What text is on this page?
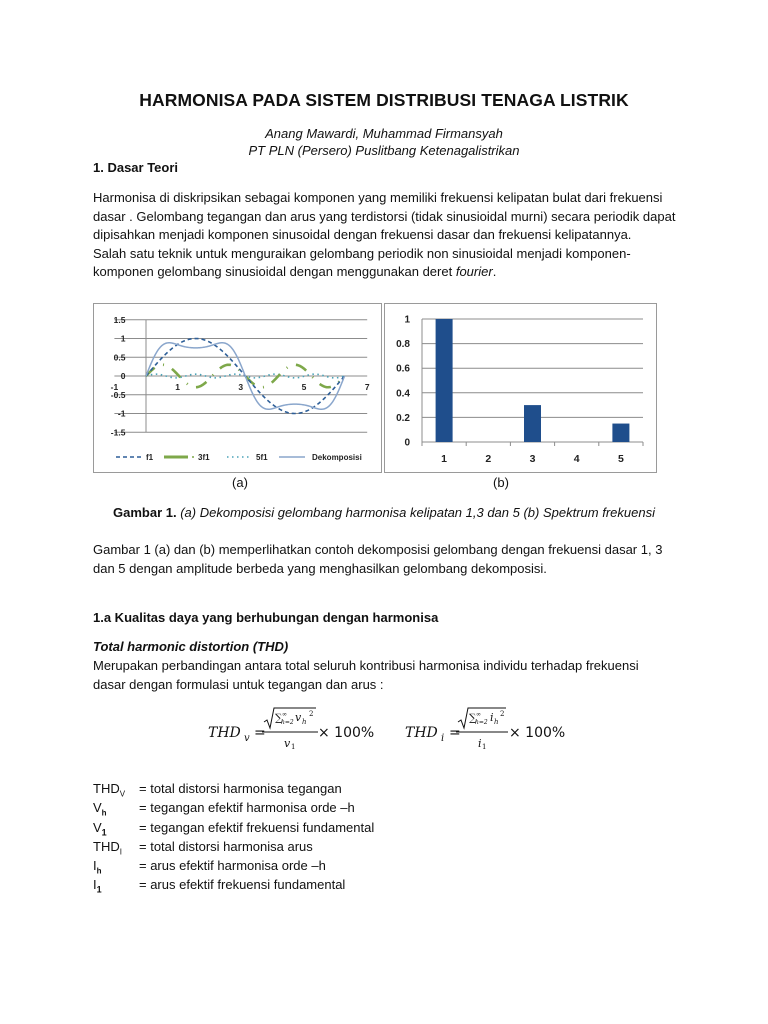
HARMONISA PADA SISTEM DISTRIBUSI TENAGA LISTRIK
Anang Mawardi, Muhammad Firmansyah
PT PLN (Persero) Puslitbang Ketenagalistrikan
1. Dasar Teori
Harmonisa di diskripsikan sebagai komponen yang memiliki frekuensi kelipatan bulat dari frekuensi
dasar . Gelombang tegangan dan arus yang terdistorsi (tidak sinusioidal murni) secara periodik dapat
dipisahkan menjadi komponen sinusoidal dengan frekuensi dasar dan frekuensi kelipatannya.
Salah satu teknik untuk menguraikan gelombang periodik non sinusioidal menjadi komponen-
komponen gelombang sinusioidal dengan menggunakan deret fourier.
1.5
1
0.5
0
-0.5
-1
-1.5
-1	1	3	5	7
f1	3f1	5f1	Dekomposisi
0
0.2
0.4
0.6
0.8
1
1	2	3	4	5
(a)	(b)
Gambar 1. (a) Dekomposisi gelombang harmonisa kelipatan 1,3 dan 5 (b) Spektrum frekuensi
Gambar 1 (a) dan (b) memperlihatkan contoh dekomposisi gelombang dengan frekuensi dasar 1, 3
dan 5 dengan amplitude berbeda yang menghasilkan gelombang dekomposisi.
1.a Kualitas daya yang berhubungan dengan harmonisa
Total harmonic distortion (THD)
Merupakan perbandingan antara total seluruh kontribusi harmonisa individu terhadap frekuensi
dasar dengan formulasi untuk tegangan dan arus :
THD v =
∑ ∞
h=2 v h
2
v 1
× 100% THD i =
∑ ∞
h=2 i h
2
i 1
× 100%
$THD_V$ = total distorsi harmonisa tegangan
$V_h$ = tegangan efektif harmonisa orde –h
$V_1$ = tegangan efektif frekuensi fundamental
$THD_I$ = total distorsi harmonisa arus
$I_h$	= arus efektif harmonisa orde –h
$I_1$	= arus efektif frekuensi fundamental
